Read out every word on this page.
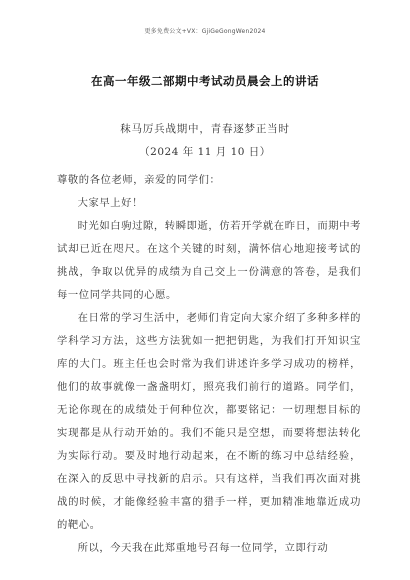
更多免费公文+VX：GjiGeGongWen2024
在高一年级二部期中考试动员晨会上的讲话
秣马厉兵战期中，青春逐梦正当时
（2024 年 11 月 10 日）

尊敬的各位老师，亲爱的同学们：

大家早上好！

时光如白驹过隙，转瞬即逝，仿若开学就在昨日，而期中考试却已近在咫尺。在这个关键的时刻，满怀信心地迎接考试的挑战，争取以优异的成绩为自己交上一份满意的答卷，是我们每一位同学共同的心愿。

在日常的学习生活中，老师们肯定向大家介绍了多种多样的学科学习方法，这些方法犹如一把把钥匙，为我们打开知识宝库的大门。班主任也会时常为我们讲述许多学习成功的榜样，他们的故事就像一盏盏明灯，照亮我们前行的道路。同学们，无论你现在的成绩处于何种位次，都要铭记：一切理想目标的实现都是从行动开始的。我们不能只是空想，而要将想法转化为实际行动。要及时地行动起来，在不断的练习中总结经验，在深入的反思中寻找新的启示。只有这样，当我们再次面对挑战的时候，才能像经验丰富的猎手一样，更加精准地靠近成功的靶心。

所以，今天我在此郑重地号召每一位同学，立即行动
